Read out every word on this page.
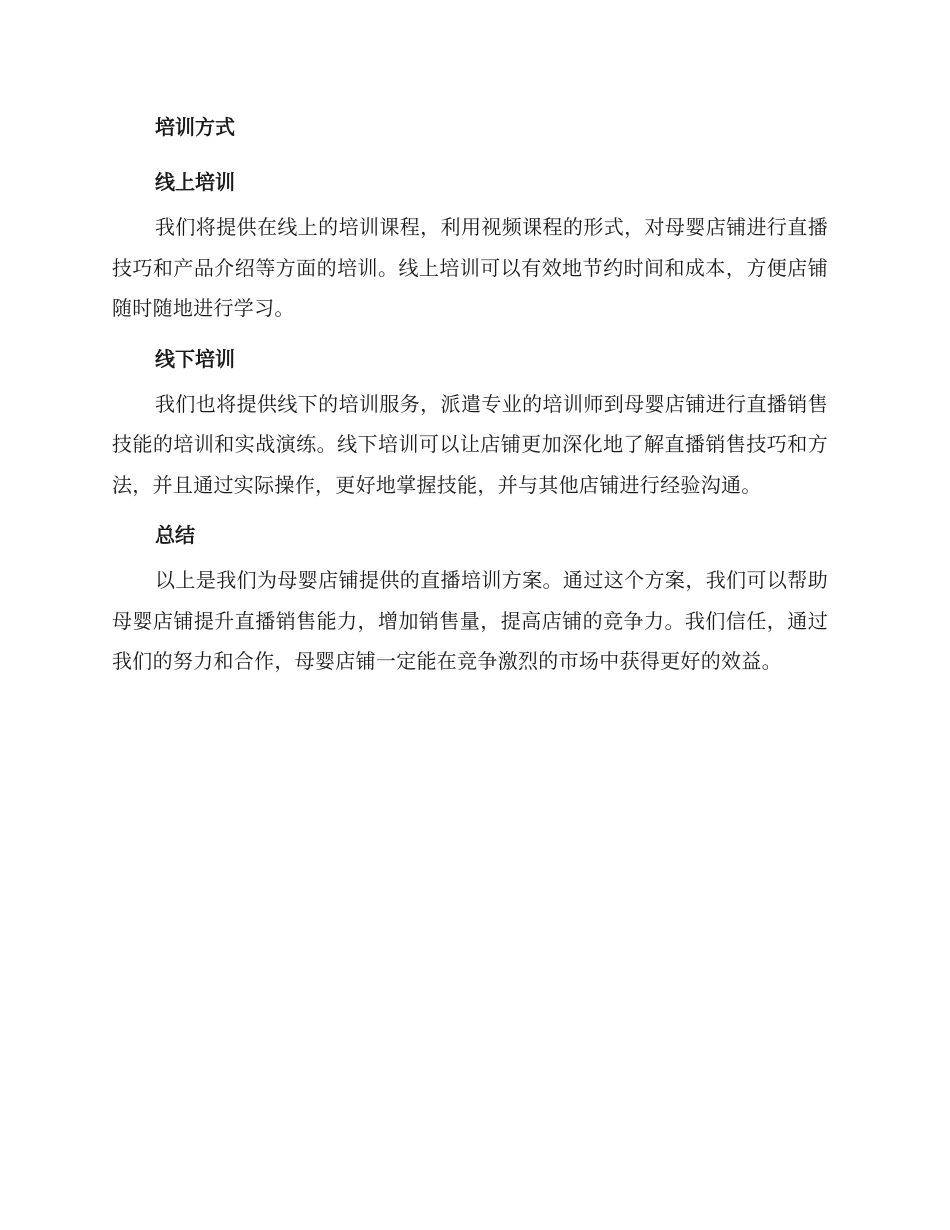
培训方式
线上培训

我们将提供在线上的培训课程，利用视频课程的形式，对母婴店铺进行直播技巧和产品介绍等方面的培训。线上培训可以有效地节约时间和成本，方便店铺随时随地进行学习。

线下培训

我们也将提供线下的培训服务，派遣专业的培训师到母婴店铺进行直播销售技能的培训和实战演练。线下培训可以让店铺更加深化地了解直播销售技巧和方法，并且通过实际操作，更好地掌握技能，并与其他店铺进行经验沟通。

总结

以上是我们为母婴店铺提供的直播培训方案。通过这个方案，我们可以帮助母婴店铺提升直播销售能力，增加销售量，提高店铺的竞争力。我们信任，通过我们的努力和合作，母婴店铺一定能在竞争激烈的市场中获得更好的效益。
